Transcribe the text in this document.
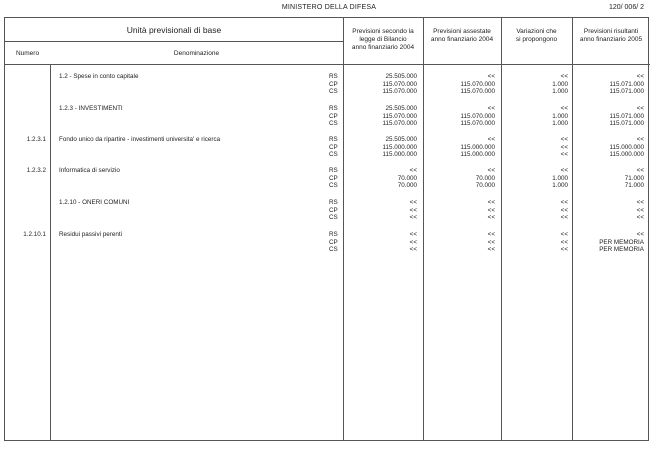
MINISTERO DELLA DIFESA	120/ 006/ 2
Unità previsionali di base
Numero	Denominazione
Previsioni secondo la
legge di Bilancio
anno finanziario 2004
Previsioni assestate
anno finanziario 2004
Variazioni che
si propongono
Previsioni risultanti
anno finanziario 2005
1.2 - Spese in conto capitale	RS	25.505.000	<<	<<	<<
CP	115.070.000	115.070.000	1.000	115.071.000
CS	115.070.000	115.070.000	1.000	115.071.000
1.2.3 - INVESTIMENTI	RS	25.505.000	<<	<<	<<
CP	115.070.000	115.070.000	1.000	115.071.000
CS	115.070.000	115.070.000	1.000	115.071.000
1.2.3.1 Fondo unico da ripartire - investimenti universita' e ricerca	RS	25.505.000	<<	<<	<<
CP	115.000.000	115.000.000	<<	115.000.000
CS	115.000.000	115.000.000	<<	115.000.000
1.2.3.2 Informatica di servizio	RS	<<	<<	<<	<<
CP	70.000	70.000	1.000	71.000
CS	70.000	70.000	1.000	71.000
1.2.10 - ONERI COMUNI	RS	<<	<<	<<	<<
CP	<<	<<	<<	<<
CS	<<	<<	<<	<<
1.2.10.1 Residui passivi perenti	RS	<<	<<	<<	<<
CP	<<	<<	<<	PER MEMORIA
CS	<<	<<	<<	PER MEMORIA
